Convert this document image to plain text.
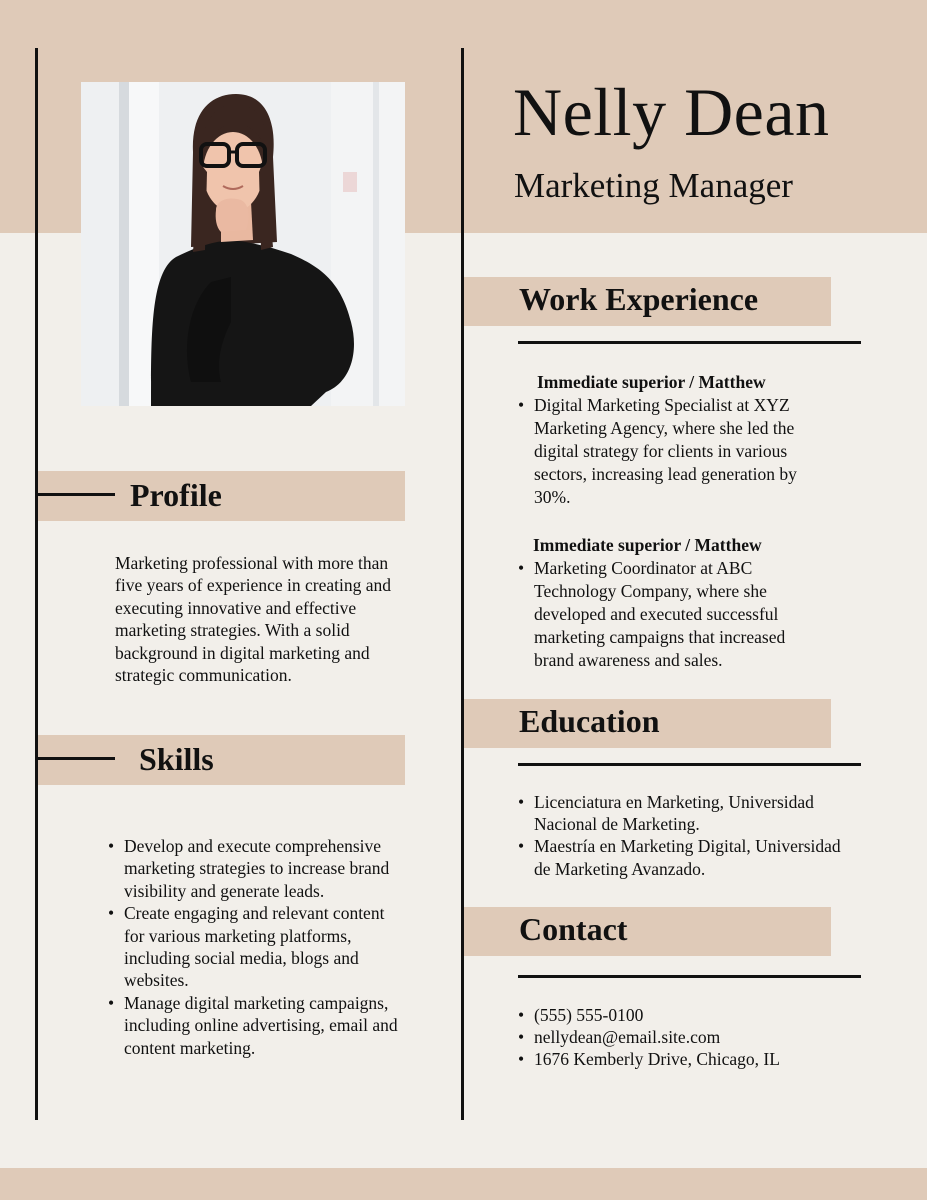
Nelly Dean
Marketing Manager
Profile
Marketing professional with more than five years of experience in creating and executing innovative and effective marketing strategies. With a solid background in digital marketing and strategic communication.
Skills
• Develop and execute comprehensive marketing strategies to increase brand visibility and generate leads.
• Create engaging and relevant content for various marketing platforms, including social media, blogs and websites.
• Manage digital marketing campaigns, including online advertising, email and content marketing.
Work Experience
Immediate superior / Matthew
• Digital Marketing Specialist at XYZ Marketing Agency, where she led the digital strategy for clients in various sectors, increasing lead generation by 30%.
Immediate superior / Matthew
• Marketing Coordinator at ABC Technology Company, where she developed and executed successful marketing campaigns that increased brand awareness and sales.
Education
• Licenciatura en Marketing, Universidad Nacional de Marketing.
• Maestría en Marketing Digital, Universidad de Marketing Avanzado.
Contact
• (555) 555-0100
• nellydean@email.site.com
• 1676 Kemberly Drive, Chicago, IL
